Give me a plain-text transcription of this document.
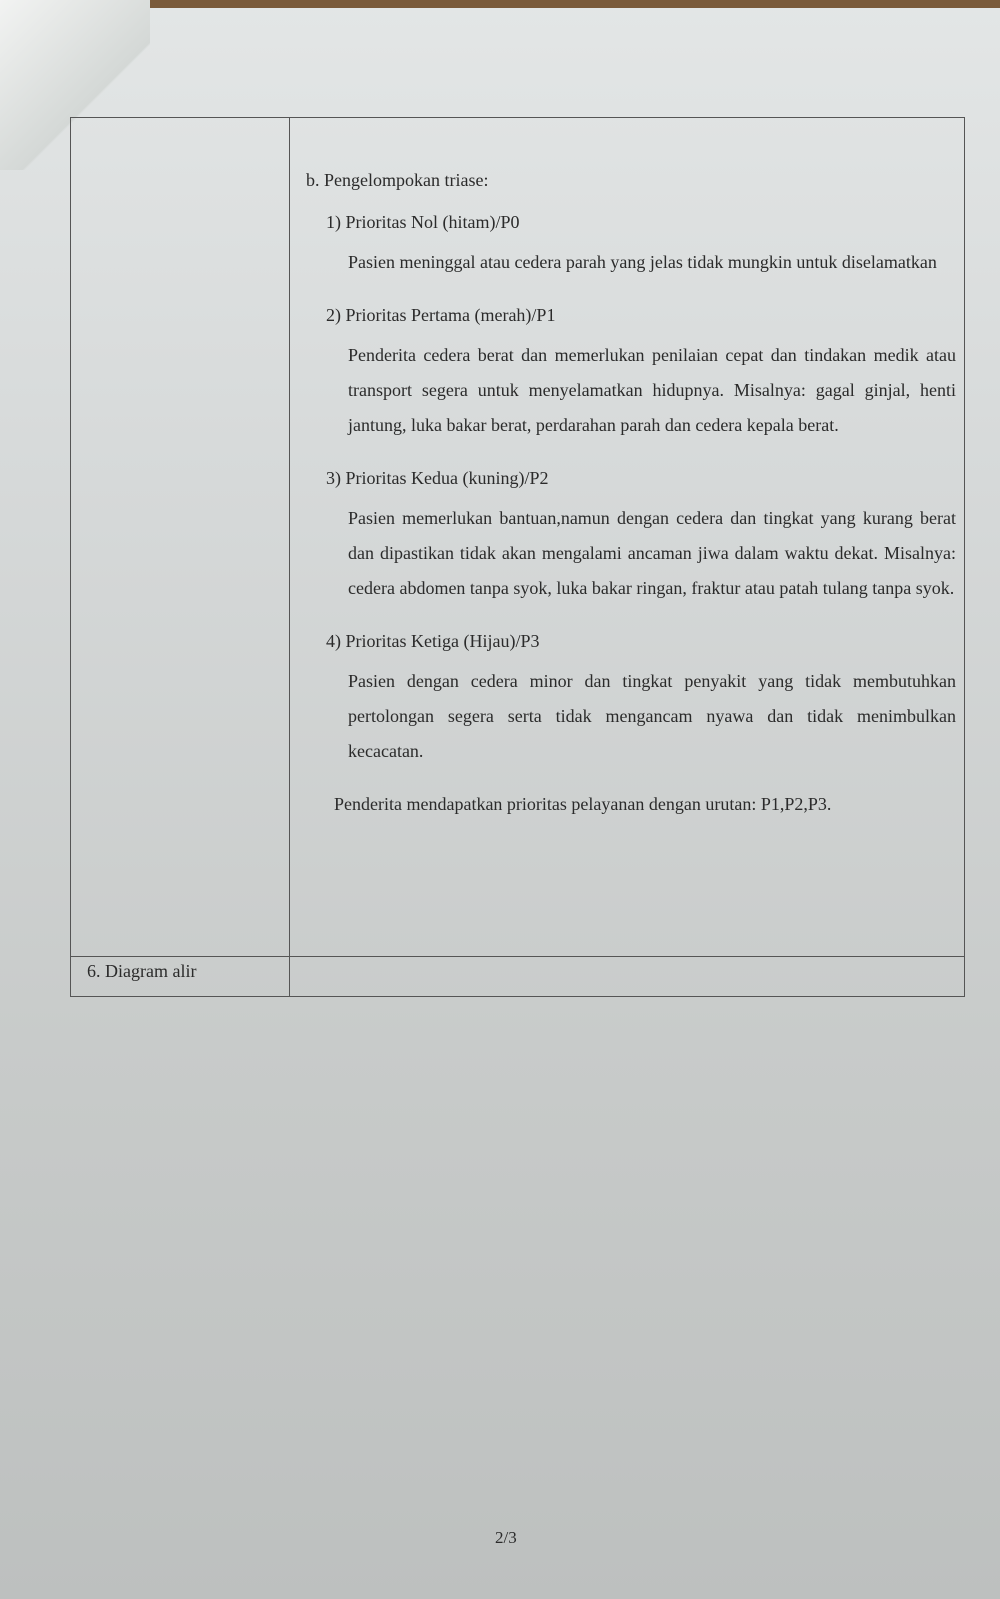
b. Pengelompokan triase:
1) Prioritas Nol (hitam)/P0
Pasien meninggal atau cedera parah yang jelas tidak mungkin untuk diselamatkan
2) Prioritas Pertama (merah)/P1
Penderita cedera berat dan memerlukan penilaian cepat dan tindakan medik atau transport segera untuk menyelamatkan hidupnya. Misalnya: gagal ginjal, henti jantung, luka bakar berat, perdarahan parah dan cedera kepala berat.
3) Prioritas Kedua (kuning)/P2
Pasien memerlukan bantuan,namun dengan cedera dan tingkat yang kurang berat dan dipastikan tidak akan mengalami ancaman jiwa dalam waktu dekat. Misalnya: cedera abdomen tanpa syok, luka bakar ringan, fraktur atau patah tulang tanpa syok.
4) Prioritas Ketiga (Hijau)/P3
Pasien dengan cedera minor dan tingkat penyakit yang tidak membutuhkan pertolongan segera serta tidak mengancam nyawa dan tidak menimbulkan kecacatan.
Penderita mendapatkan prioritas pelayanan dengan urutan: P1,P2,P3.
6. Diagram alir
2/3
